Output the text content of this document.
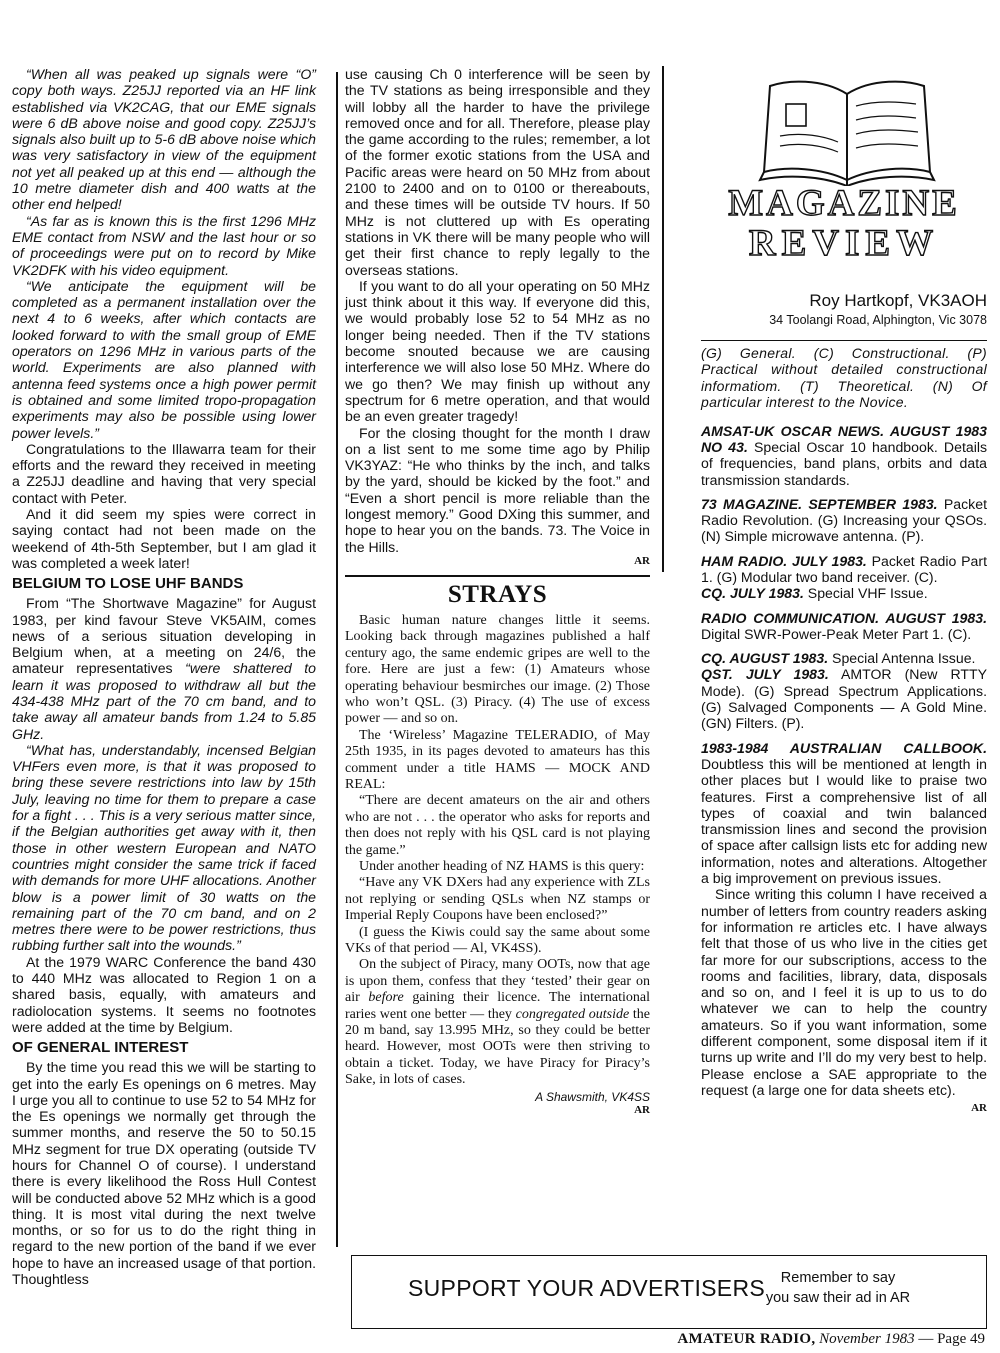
“When all was peaked up signals were “O” copy both ways. Z25JJ reported via an HF link established via VK2CAG, that our EME signals were 6 dB above noise and good copy. Z25JJ’s signals also built up to 5-6 dB above noise which was very satisfactory in view of the equipment not yet all peaked up at this end — although the 10 metre diameter dish and 400 watts at the other end helped!

“As far as is known this is the first 1296 MHz EME contact from NSW and the last hour or so of proceedings were put on to record by Mike VK2DFK with his video equipment.

“We anticipate the equipment will be completed as a permanent installation over the next 4 to 6 weeks, after which contacts are looked forward to with the small group of EME operators on 1296 MHz in various parts of the world. Experiments are also planned with antenna feed systems once a high power permit is obtained and some limited tropo-propagation experiments may also be possible using lower power levels.”

Congratulations to the Illawarra team for their efforts and the reward they received in meeting a Z25JJ deadline and having that very special contact with Peter.

And it did seem my spies were correct in saying contact had not been made on the weekend of 4th-5th September, but I am glad it was completed a week later!

BELGIUM TO LOSE UHF BANDS

From “The Shortwave Magazine” for August 1983, per kind favour Steve VK5AIM, comes news of a serious situation developing in Belgium when, at a meeting on 24/6, the amateur representatives “were shattered to learn it was proposed to withdraw all but the 434-438 MHz part of the 70 cm band, and to take away all amateur bands from 1.24 to 5.85 GHz.

“What has, understandably, incensed Belgian VHFers even more, is that it was proposed to bring these severe restrictions into law by 15th July, leaving no time for them to prepare a case for a fight . . . This is a very serious matter since, if the Belgian authorities get away with it, then those in other western European and NATO countries might consider the same trick if faced with demands for more UHF allocations. Another blow is a power limit of 30 watts on the remaining part of the 70 cm band, and on 2 metres there were to be power restrictions, thus rubbing further salt into the wounds.”

At the 1979 WARC Conference the band 430 to 440 MHz was allocated to Region 1 on a shared basis, equally, with amateurs and radiolocation systems. It seems no footnotes were added at the time by Belgium.

OF GENERAL INTEREST

By the time you read this we will be starting to get into the early Es openings on 6 metres. May I urge you all to continue to use 52 to 54 MHz for the Es openings we normally get through the summer months, and reserve the 50 to 50.15 MHz segment for true DX operating (outside TV hours for Channel O of course). I understand there is every likelihood the Ross Hull Contest will be conducted above 52 MHz which is a good thing. It is most vital during the next twelve months, or so for us to do the right thing in regard to the new portion of the band if we ever hope to have an increased usage of that portion. Thoughtless

use causing Ch 0 interference will be seen by the TV stations as being irresponsible and they will lobby all the harder to have the privilege removed once and for all. Therefore, please play the game according to the rules; remember, a lot of the former exotic stations from the USA and Pacific areas were heard on 50 MHz from about 2100 to 2400 and on to 0100 or thereabouts, and these times will be outside TV hours. If 50 MHz is not cluttered up with Es operating stations in VK there will be many people who will get their first chance to reply legally to the overseas stations.

If you want to do all your operating on 50 MHz just think about it this way. If everyone did this, we would probably lose 52 to 54 MHz as no longer being needed. Then if the TV stations become snouted because we are causing interference we will also lose 50 MHz. Where do we go then? We may finish up without any spectrum for 6 metre operation, and that would be an even greater tragedy!

For the closing thought for the month I draw on a list sent to me some time ago by Philip VK3YAZ: “He who thinks by the inch, and talks by the yard, should be kicked by the foot.” and “Even a short pencil is more reliable than the longest memory.” Good DXing this summer, and hope to hear you on the bands. 73. The Voice in the Hills.

AR
STRAYS

Basic human nature changes little it seems. Looking back through magazines published a half century ago, the same endemic gripes are well to the fore. Here are just a few: (1) Amateurs whose operating behaviour besmirches our image. (2) Those who won’t QSL. (3) Piracy. (4) The use of excess power — and so on.

The ‘Wireless’ Magazine TELERADIO, of May 25th 1935, in its pages devoted to amateurs has this comment under a title HAMS — MOCK AND REAL:

“There are decent amateurs on the air and others who are not . . . the operator who asks for reports and then does not reply with his QSL card is not playing the game.”

Under another heading of NZ HAMS is this query:

“Have any VK DXers had any experience with ZLs not replying or sending QSLs when NZ stamps or Imperial Reply Coupons have been enclosed?”

(I guess the Kiwis could say the same about some VKs of that period — Al, VK4SS).

On the subject of Piracy, many OOTs, now that age is upon them, confess that they ‘tested’ their gear on air before gaining their licence. The international raries went one better — they congregated outside the 20 m band, say 13.995 MHz, so they could be better heard. However, most OOTs were then striving to obtain a ticket. Today, we have Piracy for Piracy’s Sake, in lots of cases.

A Shawsmith, VK4SS
AR
MAGAZINE
REVIEW
Roy Hartkopf, VK3AOH
34 Toolangi Road, Alphington, Vic 3078
(G) General. (C) Constructional. (P) Practical without detailed constructional informatiom. (T) Theoretical. (N) Of particular interest to the Novice.
AMSAT-UK OSCAR NEWS. AUGUST 1983 NO 43. Special Oscar 10 handbook. Details of frequencies, band plans, orbits and data transmission standards.
73 MAGAZINE. SEPTEMBER 1983. Packet Radio Revolution. (G) Increasing your QSOs. (N) Simple microwave antenna. (P).
HAM RADIO. JULY 1983. Packet Radio Part 1. (G) Modular two band receiver. (C).
CQ. JULY 1983. Special VHF Issue.
RADIO COMMUNICATION. AUGUST 1983. Digital SWR-Power-Peak Meter Part 1. (C).
CQ. AUGUST 1983. Special Antenna Issue.
QST. JULY 1983. AMTOR (New RTTY Mode). (G) Spread Spectrum Applications. (G) Salvaged Components — A Gold Mine. (GN) Filters. (P).
1983-1984 AUSTRALIAN CALLBOOK. Doubtless this will be mentioned at length in other places but I would like to praise two features. First a comprehensive list of all types of coaxial and twin balanced transmission lines and second the provision of space after callsign lists etc for adding new information, notes and alterations. Altogether a big improvement on previous issues.

Since writing this column I have received a number of letters from country readers asking for information re articles etc. I have always felt that those of us who live in the cities get far more for our subscriptions, access to the rooms and facilities, library, data, disposals and so on, and I feel it is up to us to do whatever we can to help the country amateurs. So if you want information, some different component, some disposal item if it turns up write and I’ll do my very best to help. Please enclose a SAE appropriate to the request (a large one for data sheets etc).

AR
SUPPORT YOUR ADVERTISERS	Remember to say
you saw their ad in AR
AMATEUR RADIO, November 1983 — Page 49
